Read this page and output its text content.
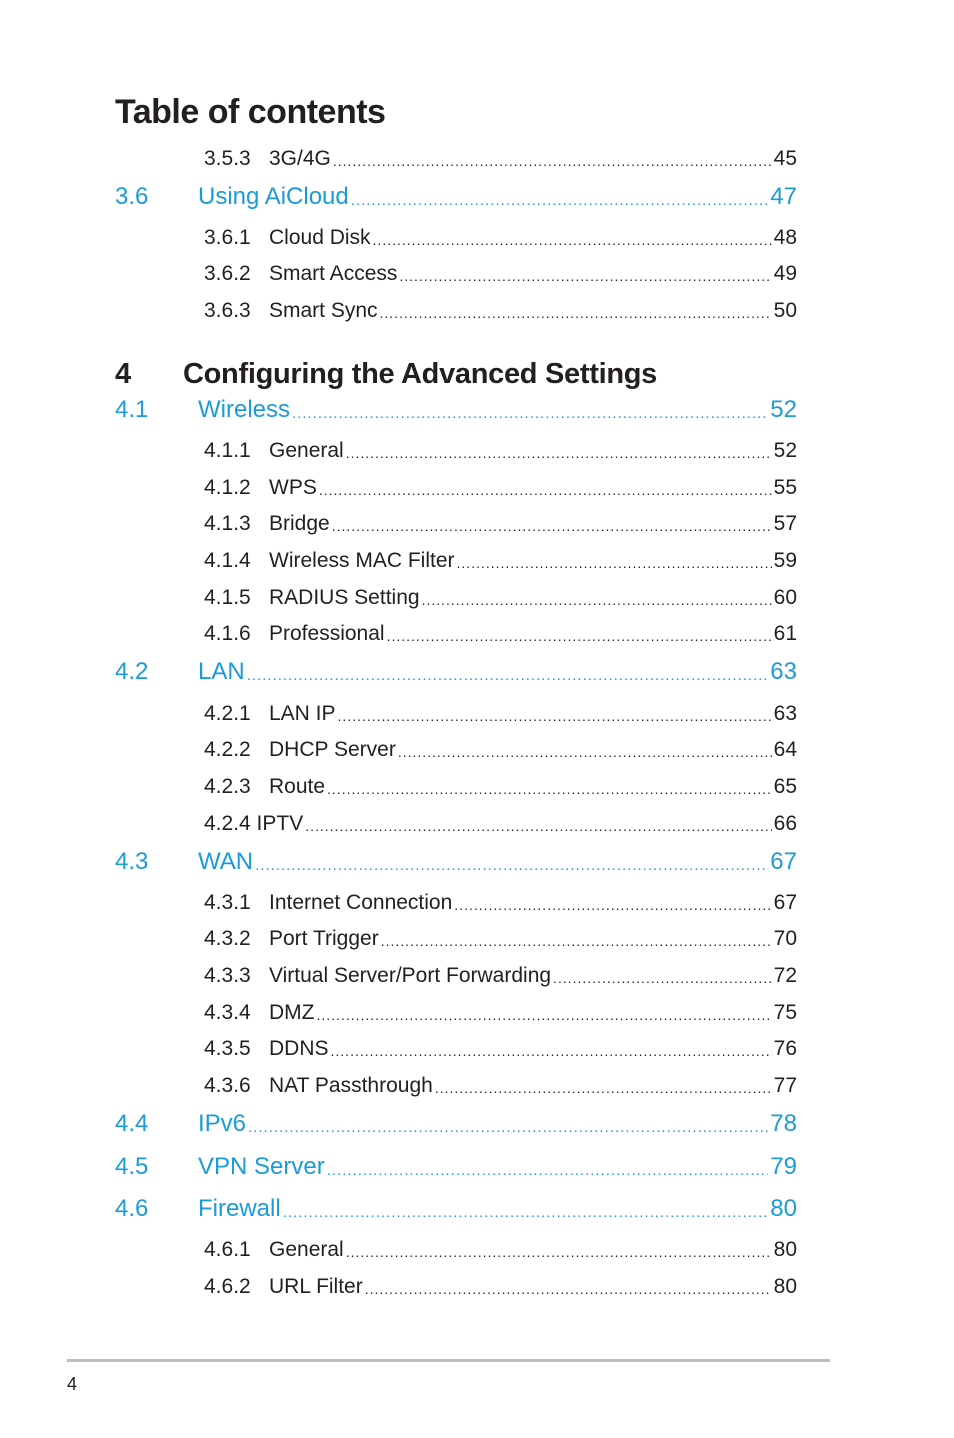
Table of contents
3.5.3 3G/4G .....	45
3.6 Using AiCloud .....	47
3.6.1 Cloud Disk .....	48
3.6.2 Smart Access .....	49
3.6.3 Smart Sync .....	50
4 Configuring the Advanced Settings
4.1 Wireless .....	52
4.1.1 General .....	52
4.1.2 WPS .....	55
4.1.3 Bridge .....	57
4.1.4 Wireless MAC Filter .....	59
4.1.5 RADIUS Setting .....	60
4.1.6 Professional .....	61
4.2 LAN .....	63
4.2.1 LAN IP .....	63
4.2.2 DHCP Server .....	64
4.2.3 Route .....	65
4.2.4 IPTV .....	66
4.3 WAN .....	67
4.3.1 Internet Connection .....	67
4.3.2 Port Trigger .....	70
4.3.3 Virtual Server/Port Forwarding .....	72
4.3.4 DMZ .....	75
4.3.5 DDNS .....	76
4.3.6 NAT Passthrough .....	77
4.4 IPv6 .....	78
4.5 VPN Server .....	79
4.6 Firewall .....	80
4.6.1 General .....	80
4.6.2 URL Filter .....	80
4
